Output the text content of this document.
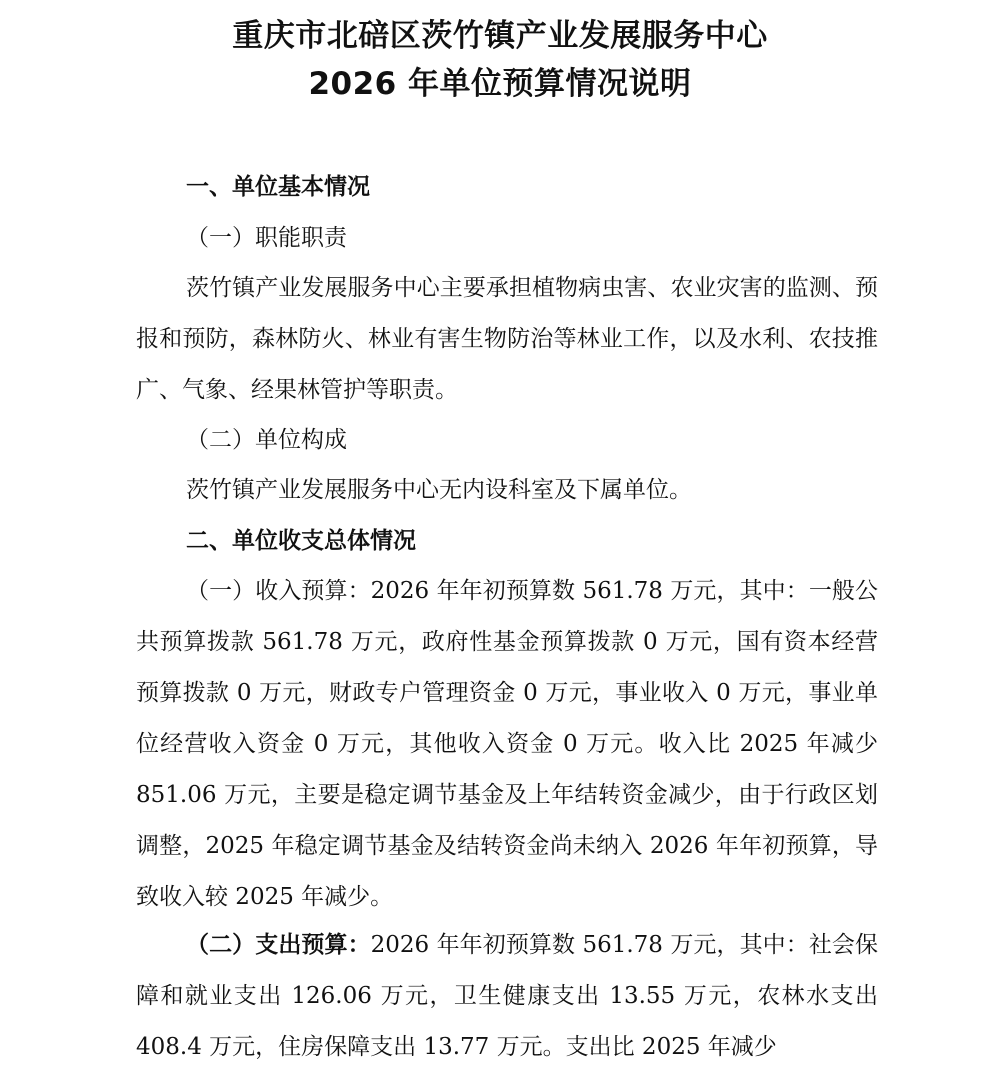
重庆市北碚区茨竹镇产业发展服务中心
2026 年单位预算情况说明
一、单位基本情况
（一）职能职责

茨竹镇产业发展服务中心主要承担植物病虫害、农业灾害的监测、预报和预防，森林防火、林业有害生物防治等林业工作，以及水利、农技推广、气象、经果林管护等职责。

（二）单位构成

茨竹镇产业发展服务中心无内设科室及下属单位。

二、单位收支总体情况

（一）收入预算：2026 年年初预算数 561.78 万元，其中：一般公共预算拨款 561.78 万元，政府性基金预算拨款 0 万元，国有资本经营预算拨款 0 万元，财政专户管理资金 0 万元，事业收入 0 万元，事业单位经营收入资金 0 万元，其他收入资金 0 万元。收入比 2025 年减少 851.06 万元，主要是稳定调节基金及上年结转资金减少，由于行政区划调整，2025 年稳定调节基金及结转资金尚未纳入 2026 年年初预算，导致收入较 2025 年减少。

（二）支出预算：2026 年年初预算数 561.78 万元，其中：社会保障和就业支出 126.06 万元，卫生健康支出 13.55 万元，农林水支出 408.4 万元，住房保障支出 13.77 万元。支出比 2025 年减少
